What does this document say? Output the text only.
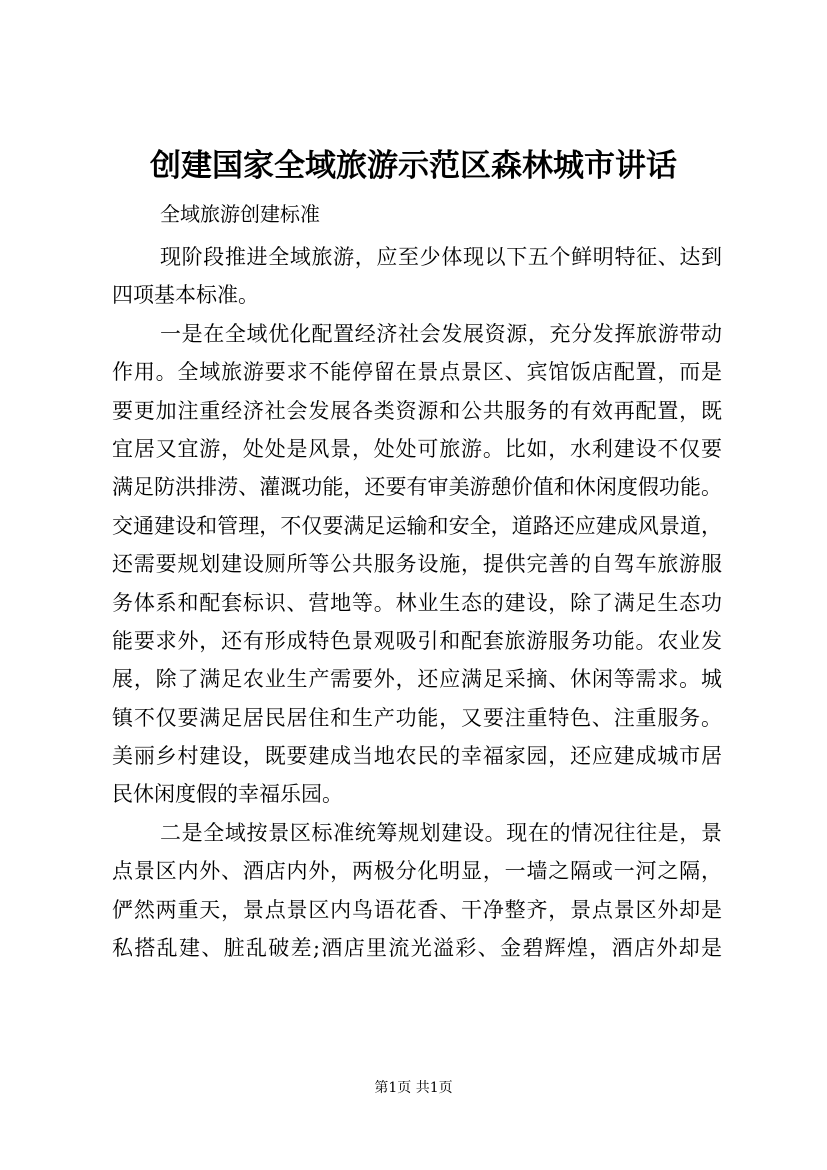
创建国家全域旅游示范区森林城市讲话
全域旅游创建标准
现阶段推进全域旅游，应至少体现以下五个鲜明特征、达到
四项基本标准。
一是在全域优化配置经济社会发展资源，充分发挥旅游带动
作用。全域旅游要求不能停留在景点景区、宾馆饭店配置，而是
要更加注重经济社会发展各类资源和公共服务的有效再配置，既
宜居又宜游，处处是风景，处处可旅游。比如，水利建设不仅要
满足防洪排涝、灌溉功能，还要有审美游憩价值和休闲度假功能。
交通建设和管理，不仅要满足运输和安全，道路还应建成风景道，
还需要规划建设厕所等公共服务设施，提供完善的自驾车旅游服
务体系和配套标识、营地等。林业生态的建设，除了满足生态功
能要求外，还有形成特色景观吸引和配套旅游服务功能。农业发
展，除了满足农业生产需要外，还应满足采摘、休闲等需求。城
镇不仅要满足居民居住和生产功能，又要注重特色、注重服务。
美丽乡村建设，既要建成当地农民的幸福家园，还应建成城市居
民休闲度假的幸福乐园。
二是全域按景区标准统筹规划建设。现在的情况往往是，景
点景区内外、酒店内外，两极分化明显，一墙之隔或一河之隔，
俨然两重天，景点景区内鸟语花香、干净整齐，景点景区外却是
私搭乱建、脏乱破差;酒店里流光溢彩、金碧辉煌，酒店外却是
第1页 共1页
